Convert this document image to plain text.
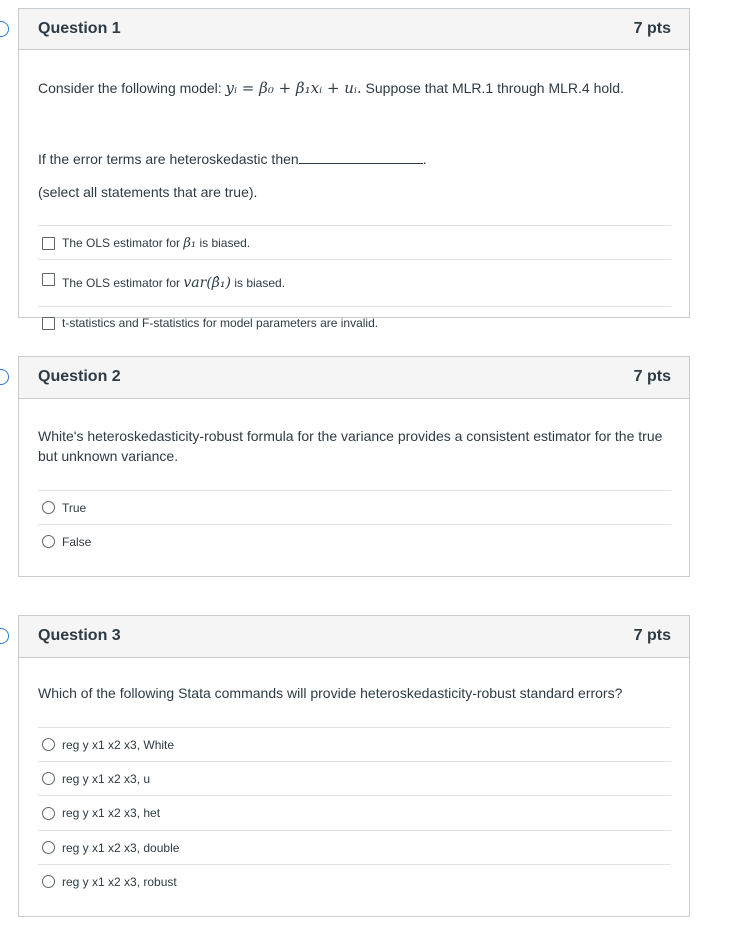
Question 1	7 pts

Consider the following model: yᵢ = β₀ + β₁xᵢ + uᵢ. Suppose that MLR.1 through MLR.4 hold.

If the error terms are heteroskedastic then	.

(select all statements that are true).

The OLS estimator for
β₁
is biased.
The OLS estimator for
var(β̂₁)
is biased.
t-statistics and F-statistics for model parameters are invalid.
Question 2	7 pts

White's heteroskedasticity-robust formula for the variance provides a consistent estimator for the true but unknown variance.

True
False
Question 3	7 pts

Which of the following Stata commands will provide heteroskedasticity-robust standard errors?

reg y x1 x2 x3, White
reg y x1 x2 x3, u
reg y x1 x2 x3, het
reg y x1 x2 x3, double
reg y x1 x2 x3, robust
